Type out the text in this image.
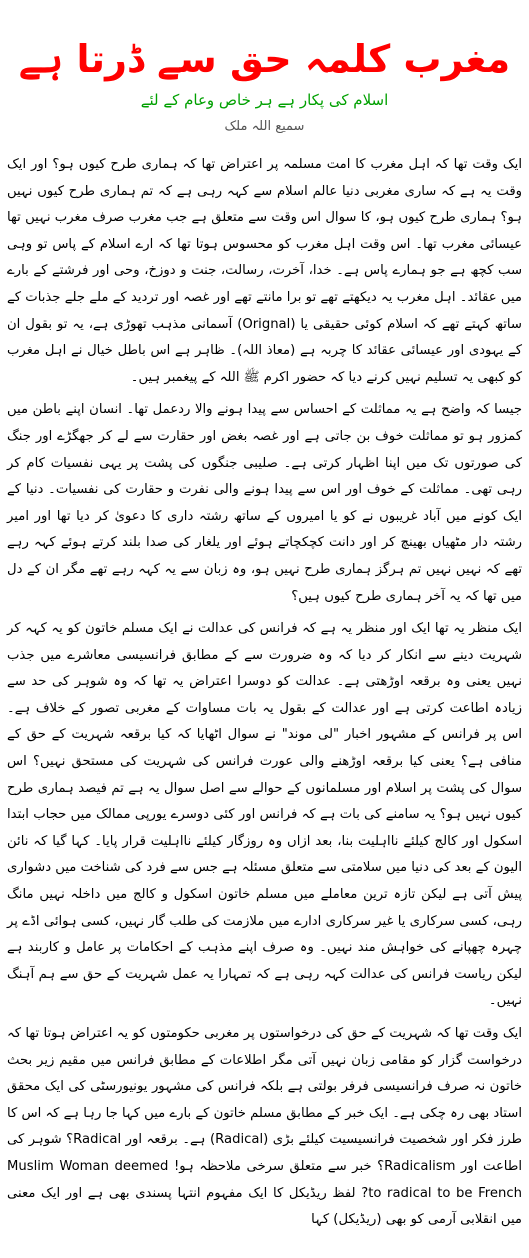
مغرب کلمہ حق سے ڈرتا ہے
اسلام کی پکار ہے ہر خاص وعام کے لئے
سمیع اللہ ملک

ایک وقت تھا کہ اہل مغرب کا امت مسلمہ پر اعتراض تھا کہ ہماری طرح کیوں ہو؟ اور ایک وقت یہ ہے کہ ساری مغربی دنیا عالم اسلام سے کہہ رہی ہے کہ تم ہماری طرح کیوں نہیں ہو؟ ہماری طرح کیوں ہو، کا سوال اس وقت سے متعلق ہے جب مغرب صرف مغرب نہیں تھا عیسائی مغرب تھا۔ اس وقت اہل مغرب کو محسوس ہوتا تھا کہ ارے اسلام کے پاس تو وہی سب کچھ ہے جو ہمارے پاس ہے۔ خدا، آخرت، رسالت، جنت و دوزخ، وحی اور فرشتے کے بارے میں عقائد۔ اہل مغرب یہ دیکھتے تھے تو برا مانتے تھے اور غصہ اور تردید کے ملے جلے جذبات کے ساتھ کہتے تھے کہ اسلام کوئی حقیقی یا (Orignal) آسمانی مذہب تھوڑی ہے، یہ تو بقول ان کے یہودی اور عیسائی عقائد کا چربہ ہے (معاذ اللہ)۔ ظاہر ہے اس باطل خیال نے اہل مغرب کو کبھی یہ تسلیم نہیں کرنے دیا کہ حضور اکرم ﷺ اللہ کے پیغمبر ہیں۔

جیسا کہ واضح ہے یہ مماثلت کے احساس سے پیدا ہونے والا ردعمل تھا۔ انسان اپنے باطن میں کمزور ہو تو مماثلت خوف بن جاتی ہے اور غصہ بغض اور حقارت سے لے کر جھگڑے اور جنگ کی صورتوں تک میں اپنا اظہار کرتی ہے۔ صلیبی جنگوں کی پشت پر یہی نفسیات کام کر رہی تھی۔ مماثلت کے خوف اور اس سے پیدا ہونے والی نفرت و حقارت کی نفسیات۔ دنیا کے ایک کونے میں آباد غریبوں نے کو یا امیروں کے ساتھ رشتہ داری کا دعویٰ کر دیا تھا اور امیر رشتہ دار مٹھیاں بھینچ کر اور دانت کچکچاتے ہوئے اور یلغار کی صدا بلند کرتے ہوئے کہہ رہے تھے کہ نہیں نہیں تم ہرگز ہماری طرح نہیں ہو، وہ زبان سے یہ کہہ رہے تھے مگر ان کے دل میں تھا کہ یہ آخر ہماری طرح کیوں ہیں؟

ایک منظر یہ تھا ایک اور منظر یہ ہے کہ فرانس کی عدالت نے ایک مسلم خاتون کو یہ کہہ کر شہریت دینے سے انکار کر دیا کہ وہ ضرورت سے کے مطابق فرانسیسی معاشرے میں جذب نہیں یعنی وہ برقعہ اوڑھتی ہے۔ عدالت کو دوسرا اعتراض یہ تھا کہ وہ شوہر کی حد سے زیادہ اطاعت کرتی ہے اور عدالت کے بقول یہ بات مساوات کے مغربی تصور کے خلاف ہے۔ اس پر فرانس کے مشہور اخبار "لی موند" نے سوال اٹھایا کہ کیا برقعہ شہریت کے حق کے منافی ہے؟ یعنی کیا برقعہ اوڑھنے والی عورت فرانس کی شہریت کی مستحق نہیں؟ اس سوال کی پشت پر اسلام اور مسلمانوں کے حوالے سے اصل سوال یہ ہے تم فیصد ہماری طرح کیوں نہیں ہو؟ یہ سامنے کی بات ہے کہ فرانس اور کئی دوسرے یورپی ممالک میں حجاب ابتدا اسکول اور کالج کیلئے نااہلیت بنا، بعد ازاں وہ روزگار کیلئے نااہلیت قرار پایا۔ کہا گیا کہ نائن الیون کے بعد کی دنیا میں سلامتی سے متعلق مسئلہ ہے جس سے فرد کی شناخت میں دشواری پیش آتی ہے لیکن تازہ ترین معاملے میں مسلم خاتون اسکول و کالج میں داخلہ نہیں مانگ رہی، کسی سرکاری یا غیر سرکاری ادارے میں ملازمت کی طلب گار نہیں، کسی ہوائی اڈے پر چہرہ چھپانے کی خواہش مند نہیں۔ وہ صرف اپنے مذہب کے احکامات پر عامل و کاربند ہے لیکن ریاست فرانس کی عدالت کہہ رہی ہے کہ تمہارا یہ عمل شہریت کے حق سے ہم آہنگ نہیں۔

ایک وقت تھا کہ شہریت کے حق کی درخواستوں پر مغربی حکومتوں کو یہ اعتراض ہوتا تھا کہ درخواست گزار کو مقامی زبان نہیں آتی مگر اطلاعات کے مطابق فرانس میں مقیم زیر بحث خاتون نہ صرف فرانسیسی فرفر بولتی ہے بلکہ فرانس کی مشہور یونیورسٹی کی ایک محقق استاد بھی رہ چکی ہے۔ ایک خبر کے مطابق مسلم خاتون کے بارے میں کہا جا رہا ہے کہ اس کا طرز فکر اور شخصیت فرانسیسیت کیلئے بڑی (Radical) ہے۔ برقعہ اور Radical؟ شوہر کی اطاعت اور Radicalism؟ خبر سے متعلق سرخی ملاحظہ ہو! Muslim Woman deemed to radical to be French? لفظ ریڈیکل کا ایک مفہوم انتہا پسندی بھی ہے اور ایک معنی میں انقلابی آرمی کو بھی (ریڈیکل) کہا
